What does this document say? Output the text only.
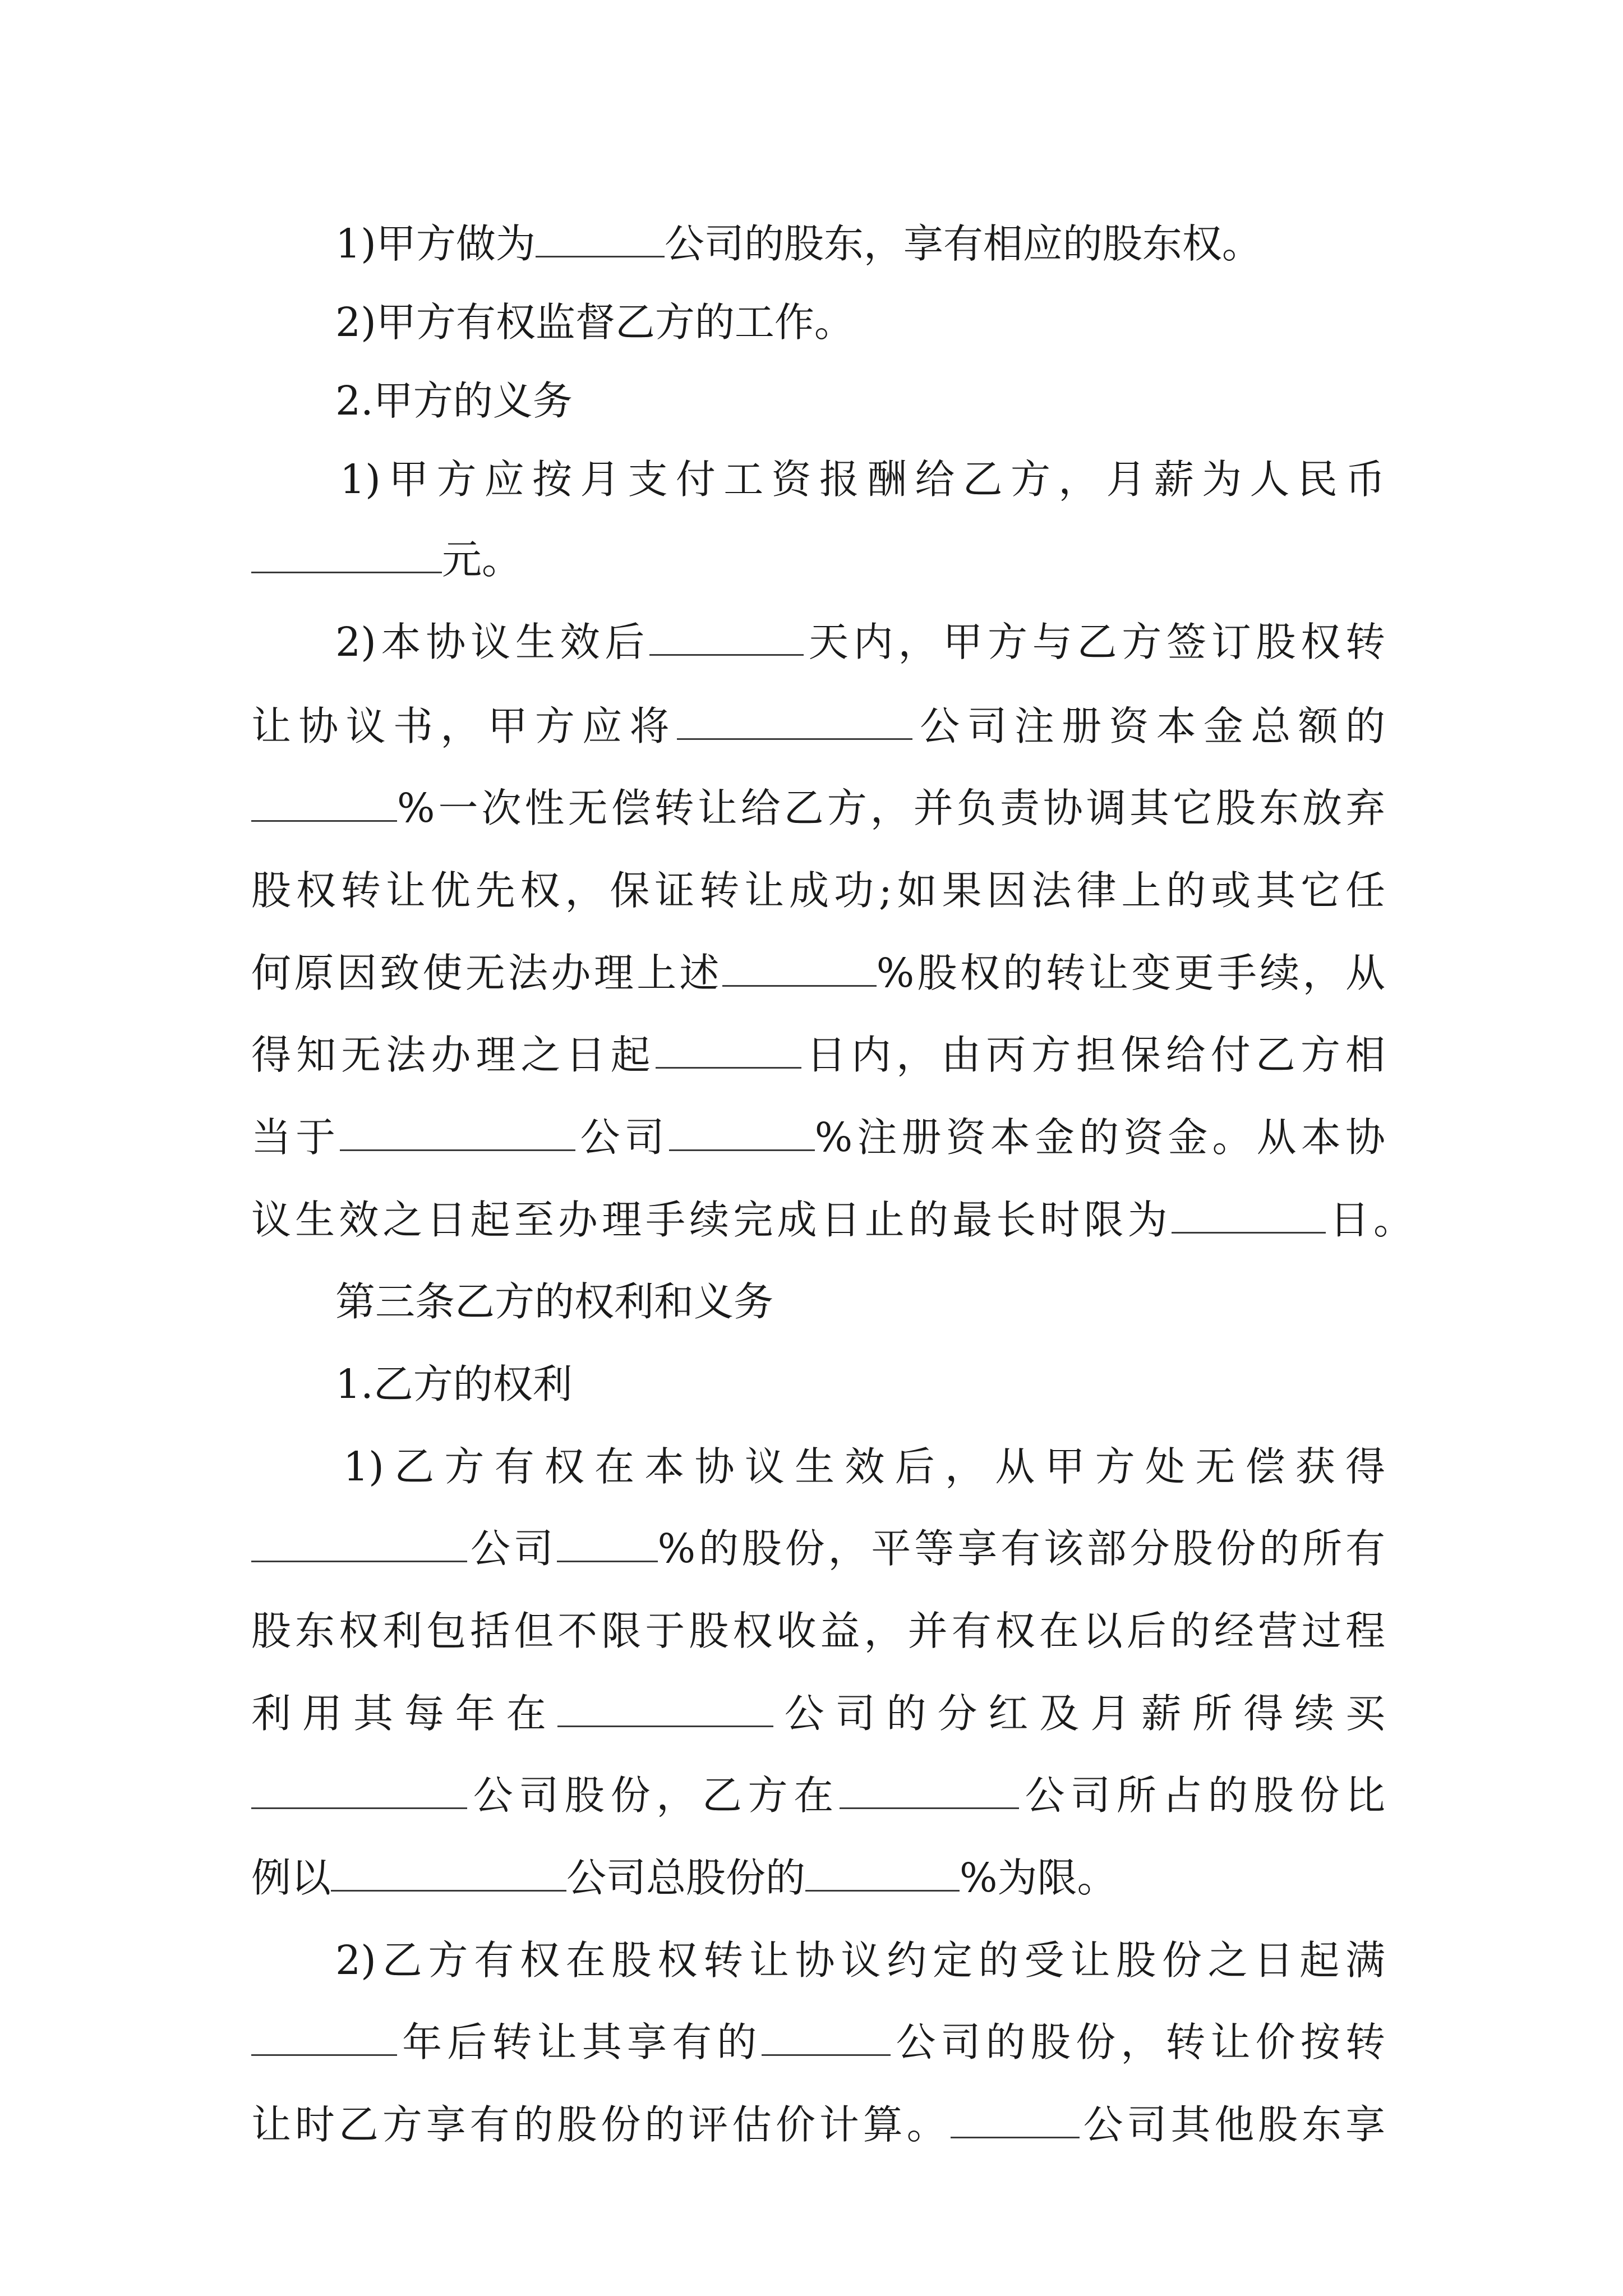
1)甲方做为	公司的股东，享有相应的股东权。
2)甲方有权监督乙方的工作。
2.甲方的义务
1)甲方应按月支付工资报酬给乙方，月薪为人民币
元。
2)本协议生效后	天内，甲方与乙方签订股权转
让协议书，甲方应将	公司注册资本金总额的
%一次性无偿转让给乙方，并负责协调其它股东放弃
股权转让优先权，保证转让成功;如果因法律上的或其它任
何原因致使无法办理上述	%股权的转让变更手续，从
得知无法办理之日起	日内，由丙方担保给付乙方相
当于	公司	%注册资本金的资金。从本协
议生效之日起至办理手续完成日止的最长时限为	日。
第三条乙方的权利和义务
1.乙方的权利
1)乙方有权在本协议生效后，从甲方处无偿获得
公司	%的股份，平等享有该部分股份的所有
股东权利包括但不限于股权收益，并有权在以后的经营过程
利用其每年在	公司的分红及月薪所得续买
公司股份，乙方在	公司所占的股份比
例以	公司总股份的	%为限。
2)乙方有权在股权转让协议约定的受让股份之日起满
年后转让其享有的	公司的股份，转让价按转
让时乙方享有的股份的评估价计算。	公司其他股东享
